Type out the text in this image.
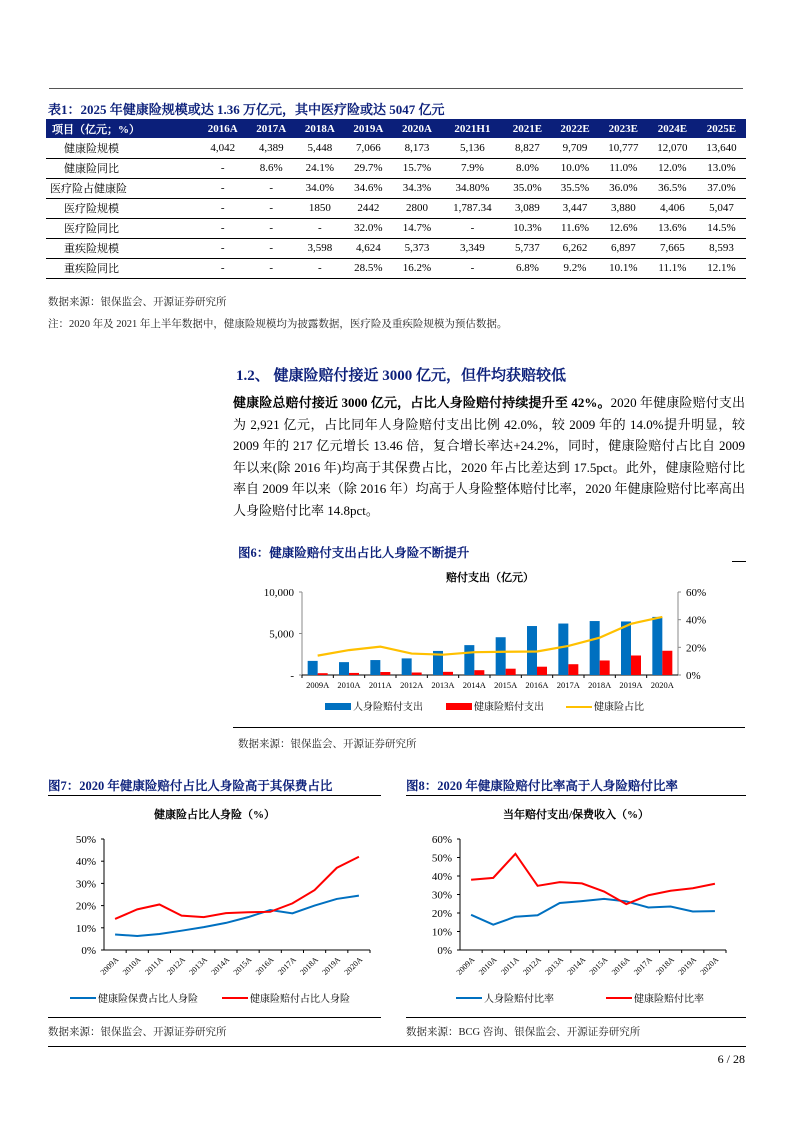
表1：2025 年健康险规模或达 1.36 万亿元，其中医疗险或达 5047 亿元
项目（亿元；%）	2016A	2017A	2018A	2019A	2020A	2021H1	2021E	2022E	2023E	2024E	2025E
健康险规模	4,042	4,389	5,448	7,066	8,173	5,136	8,827	9,709	10,777	12,070	13,640
健康险同比	-	8.6%	24.1%	29.7%	15.7%	7.9%	8.0%	10.0%	11.0%	12.0%	13.0%
医疗险占健康险	-	-	34.0%	34.6%	34.3%	34.80%	35.0%	35.5%	36.0%	36.5%	37.0%
医疗险规模	-	-	1850	2442	2800	1,787.34	3,089	3,447	3,880	4,406	5,047
医疗险同比	-	-	-	32.0%	14.7%	-	10.3%	11.6%	12.6%	13.6%	14.5%
重疾险规模	-	-	3,598	4,624	5,373	3,349	5,737	6,262	6,897	7,665	8,593
重疾险同比	-	-	-	28.5%	16.2%	-	6.8%	9.2%	10.1%	11.1%	12.1%
数据来源：银保监会、开源证券研究所
注：2020 年及 2021 年上半年数据中，健康险规模均为披露数据，医疗险及重疾险规模为预估数据。
1.2、 健康险赔付接近 3000 亿元，但件均获赔较低
健康险总赔付接近 3000 亿元，占比人身险赔付持续提升至 42%。2020 年健康险赔付支出为 2,921 亿元，占比同年人身险赔付支出比例 42.0%，较 2009 年的 14.0%提升明显，较 2009 年的 217 亿元增长 13.46 倍，复合增长率达+24.2%，同时，健康险赔付占比自 2009 年以来(除 2016 年)均高于其保费占比，2020 年占比差达到 17.5pct。此外，健康险赔付比率自 2009 年以来（除 2016 年）均高于人身险整体赔付比率，2020 年健康险赔付比率高出人身险赔付比率 14.8pct。
图6：健康险赔付支出占比人身险不断提升
赔付支出（亿元）
-
5,000
10,000
0%
20%
40%
60%
2009A 2010A 2011A 2012A 2013A 2014A 2015A 2016A 2017A 2018A 2019A 2020A
人身险赔付支出	健康险赔付支出	健康险占比
数据来源：银保监会、开源证券研究所
图7：2020 年健康险赔付占比人身险高于其保费占比
健康险占比人身险（%）
0%
10%
20%
30%
40%
50%
2009A 2010A 2011A 2012A 2013A 2014A 2015A 2016A 2017A 2018A 2019A 2020A
健康险保费占比人身险	健康险赔付占比人身险
数据来源：银保监会、开源证券研究所
图8：2020 年健康险赔付比率高于人身险赔付比率
当年赔付支出/保费收入（%）
0%
10%
20%
30%
40%
50%
60%
2009A 2010A 2011A 2012A 2013A 2014A 2015A 2016A 2017A 2018A 2019A 2020A
人身险赔付比率	健康险赔付比率
数据来源：BCG 咨询、银保监会、开源证券研究所
6 / 28
